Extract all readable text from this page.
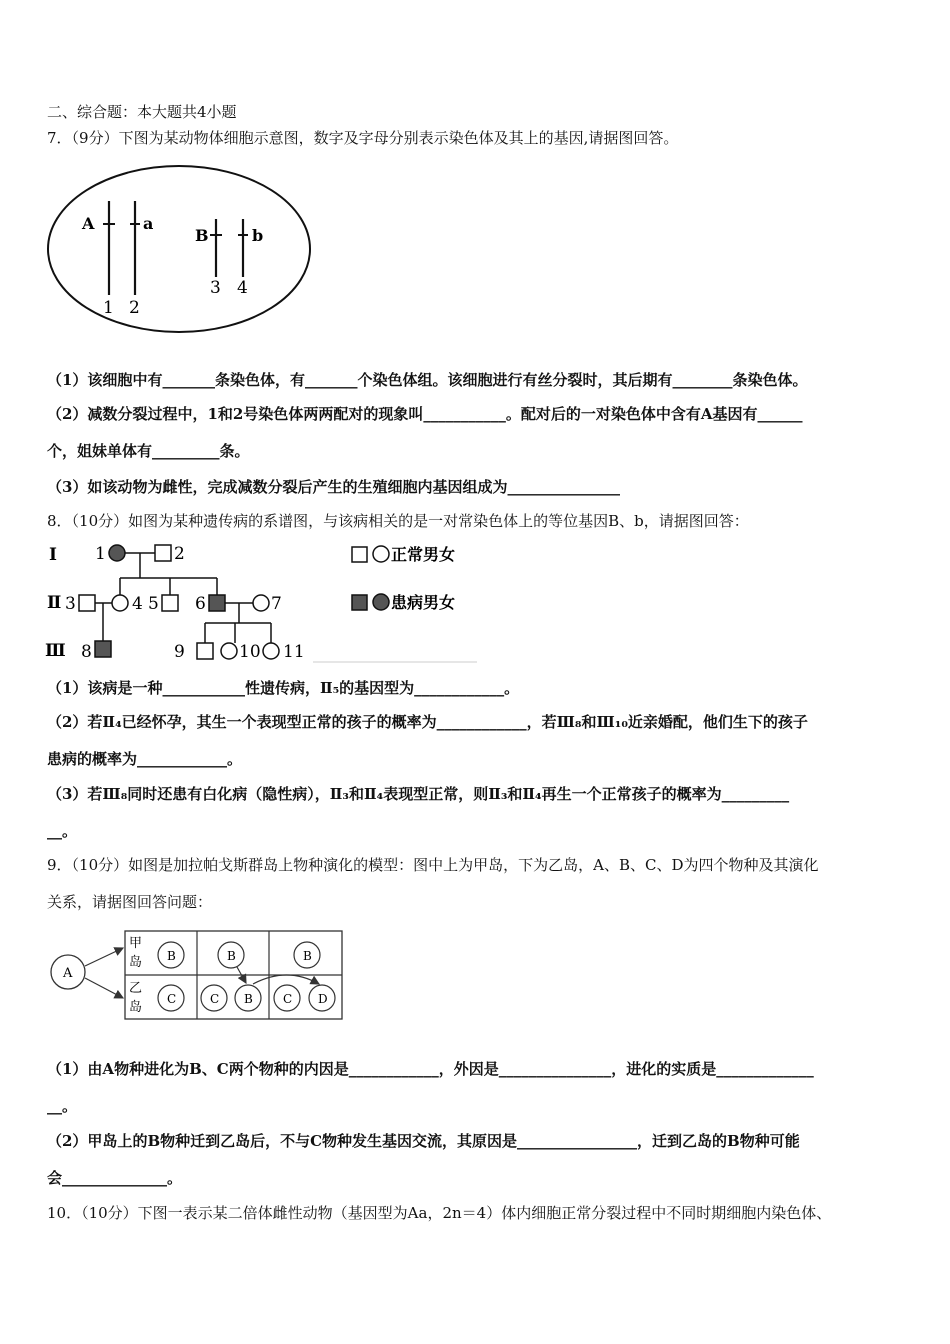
二、综合题：本大题共4小题
7．（9分）下图为某动物体细胞示意图，数字及字母分别表示染色体及其上的基因,请据图回答。
A	a
B	b
1 2
3 4
（1）该细胞中有_______条染色体，有_______个染色体组。该细胞进行有丝分裂时，其后期有________条染色体。
（2）减数分裂过程中，1和2号染色体两两配对的现象叫___________。配对后的一对染色体中含有A基因有______
个，姐妹单体有_________条。
（3）如该动物为雌性，完成减数分裂后产生的生殖细胞内基因组成为_______________
8．（10分）如图为某种遗传病的系谱图，与该病相关的是一对常染色体上的等位基因B、b，请据图回答：
Ⅰ
Ⅱ
Ⅲ
1	2
3	4 5 6	7
8	9	10 11
正常男女
患病男女
（1）该病是一种___________性遗传病，Ⅱ₅的基因型为____________。
（2）若Ⅱ₄已经怀孕，其生一个表现型正常的孩子的概率为____________，若Ⅲ₈和Ⅲ₁₀近亲婚配，他们生下的孩子
患病的概率为____________。
（3）若Ⅲ₈同时还患有白化病（隐性病），Ⅱ₃和Ⅱ₄表现型正常，则Ⅱ₃和Ⅱ₄再生一个正常孩子的概率为_________
__。
9．（10分）如图是加拉帕戈斯群岛上物种演化的模型：图中上为甲岛，下为乙岛，A、B、C、D为四个物种及其演化
关系，请据图回答问题：
A
甲
岛
乙
岛
B
C
B
C B
B
C D
（1）由A物种进化为B、C两个物种的内因是____________，外因是_______________，进化的实质是_____________
__。
（2）甲岛上的B物种迁到乙岛后，不与C物种发生基因交流，其原因是________________，迁到乙岛的B物种可能
会______________。
10．（10分）下图一表示某二倍体雌性动物（基因型为Aa，2n＝4）体内细胞正常分裂过程中不同时期细胞内染色体、
